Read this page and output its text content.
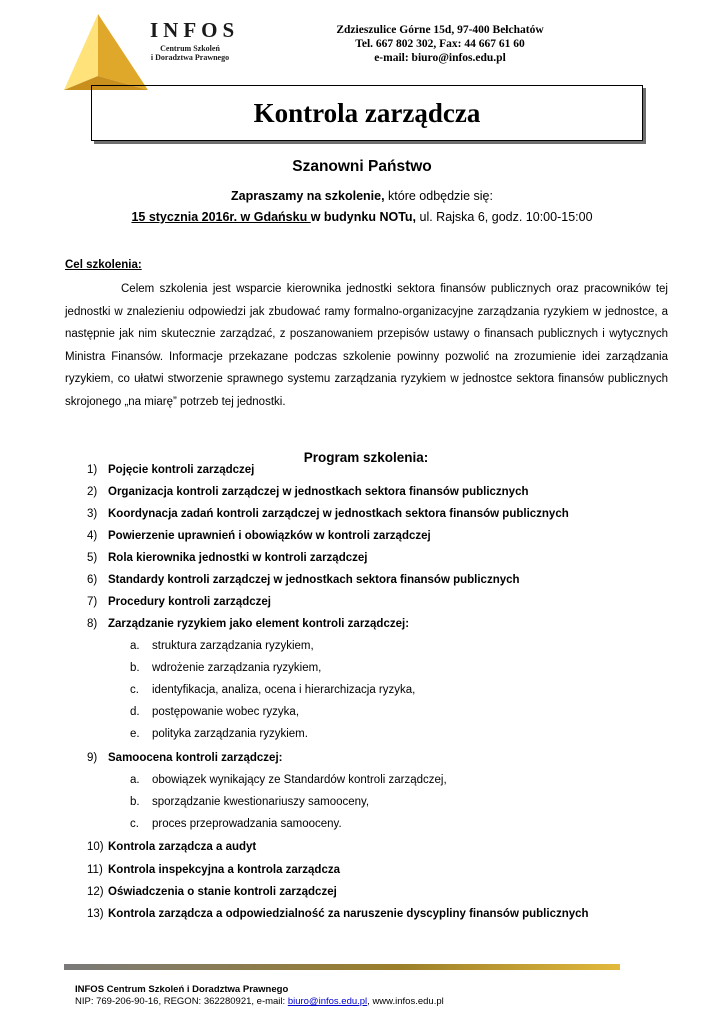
INFOS
Centrum Szkoleń
i Doradztwa Prawnego
Zdzieszulice Górne 15d, 97-400 Bełchatów
Tel. 667 802 302, Fax: 44 667 61 60
e-mail: biuro@infos.edu.pl
Kontrola zarządcza
Szanowni Państwo
Zapraszamy na szkolenie, które odbędzie się:
15 stycznia 2016r. w Gdańsku w budynku NOTu, ul. Rajska 6, godz. 10:00-15:00
Cel szkolenia:

Celem szkolenia jest wsparcie kierownika jednostki sektora finansów publicznych oraz pracowników tej jednostki w znalezieniu odpowiedzi jak zbudować ramy formalno-organizacyjne zarządzania ryzykiem w jednostce, a następnie jak nim skutecznie zarządzać, z poszanowaniem przepisów ustawy o finansach publicznych i wytycznych Ministra Finansów. Informacje przekazane podczas szkolenie powinny pozwolić na zrozumienie idei zarządzania ryzykiem, co ułatwi stworzenie sprawnego systemu zarządzania ryzykiem w jednostce sektora finansów publicznych skrojonego „na miarę” potrzeb tej jednostki.

Program szkolenia:
1) Pojęcie kontroli zarządczej
2) Organizacja kontroli zarządczej w jednostkach sektora finansów publicznych
3) Koordynacja zadań kontroli zarządczej w jednostkach sektora finansów publicznych
4) Powierzenie uprawnień i obowiązków w kontroli zarządczej
5) Rola kierownika jednostki w kontroli zarządczej
6) Standardy kontroli zarządczej w jednostkach sektora finansów publicznych
7) Procedury kontroli zarządczej
8) Zarządzanie ryzykiem jako element kontroli zarządczej:
a. struktura zarządzania ryzykiem,
b. wdrożenie zarządzania ryzykiem,
c. identyfikacja, analiza, ocena i hierarchizacja ryzyka,
d. postępowanie wobec ryzyka,
e. polityka zarządzania ryzykiem.
9) Samoocena kontroli zarządczej:
a. obowiązek wynikający ze Standardów kontroli zarządczej,
b. sporządzanie kwestionariuszy samooceny,
c. proces przeprowadzania samooceny.
10) Kontrola zarządcza a audyt
11) Kontrola inspekcyjna a kontrola zarządcza
12) Oświadczenia o stanie kontroli zarządczej
13) Kontrola zarządcza a odpowiedzialność za naruszenie dyscypliny finansów publicznych
INFOS Centrum Szkoleń i Doradztwa Prawnego
NIP: 769-206-90-16, REGON: 362280921, e-mail: biuro@infos.edu.pl, www.infos.edu.pl
